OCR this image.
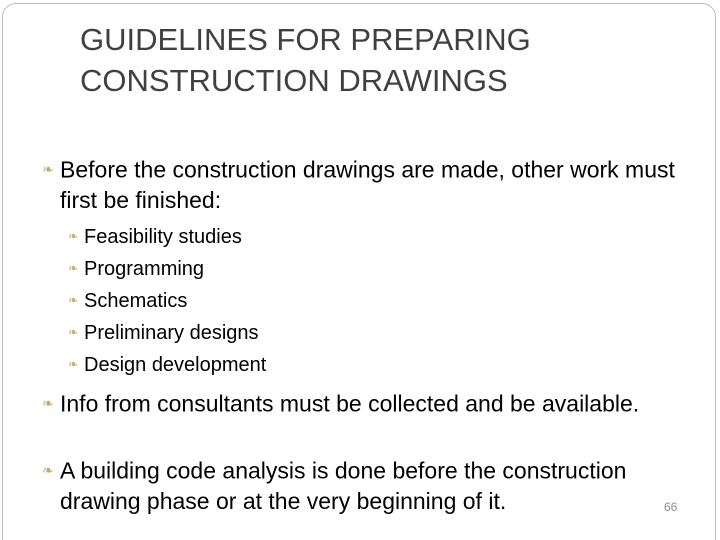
GUIDELINES FOR PREPARING
CONSTRUCTION DRAWINGS
❧ Before the construction drawings are made, other work must first be finished:
❧ Feasibility studies
❧ Programming
❧ Schematics
❧ Preliminary designs
❧ Design development
❧ Info from consultants must be collected and be available.
❧ A building code analysis is done before the construction drawing phase or at the very beginning of it.	66
